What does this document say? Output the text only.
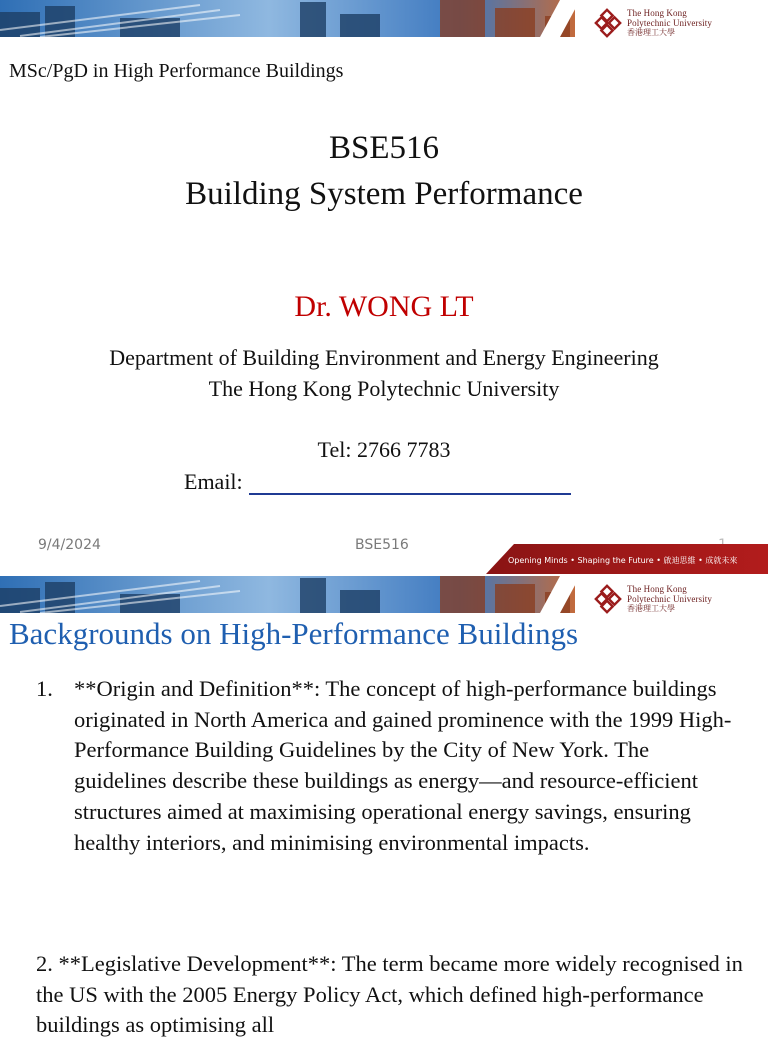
The Hong Kong
Polytechnic University
香港理工大學
MSc/PgD in High Performance Buildings
BSE516
Building System Performance
Dr. WONG LT
Department of Building Environment and Energy Engineering
The Hong Kong Polytechnic University
Tel: 2766 7783
Email:
9/4/2024	BSE516
Opening Minds • Shaping the Future • 啟迪思維 • 成就未來
The Hong Kong
Polytechnic University
香港理工大學
Backgrounds on High-Performance Buildings
1. **Origin and Definition**: The concept of high-performance buildings originated in North America and gained prominence with the 1999 High-Performance Building Guidelines by the City of New York. The guidelines describe these buildings as energy—and resource-efficient structures aimed at maximising operational energy savings, ensuring healthy interiors, and minimising environmental impacts.
2. **Legislative Development**: The term became more widely recognised in the US with the 2005 Energy Policy Act, which defined high-performance buildings as optimising all
